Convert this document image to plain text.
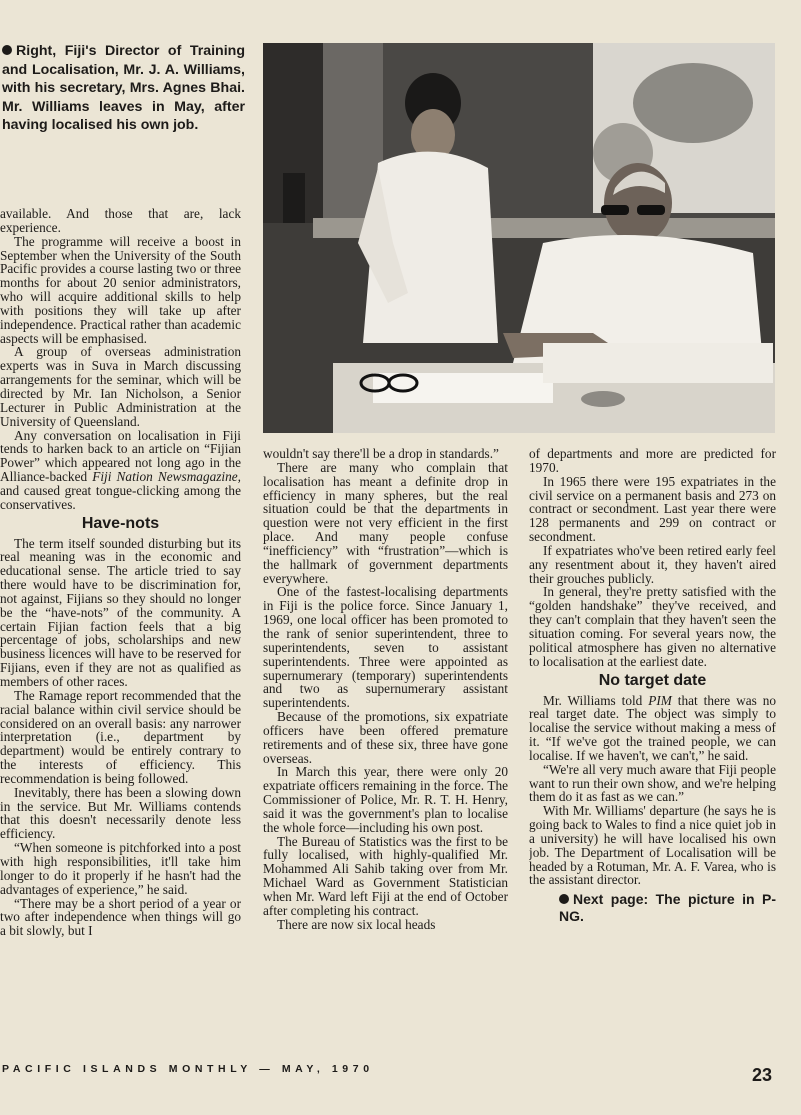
Right, Fiji's Director of Training and Localisation, Mr. J. A. Williams, with his secretary, Mrs. Agnes Bhai. Mr. Williams leaves in May, after having localised his own job.

available. And those that are, lack experience.

The programme will receive a boost in September when the University of the South Pacific provides a course lasting two or three months for about 20 senior administrators, who will acquire additional skills to help with positions they will take up after independence. Practical rather than academic aspects will be emphasised.

A group of overseas administration experts was in Suva in March discussing arrangements for the seminar, which will be directed by Mr. Ian Nicholson, a Senior Lecturer in Public Administration at the University of Queensland.

Any conversation on localisation in Fiji tends to harken back to an article on “Fijian Power” which appeared not long ago in the Alliance-backed Fiji Nation Newsmagazine, and caused great tongue-clicking among the conservatives.

Have-nots

The term itself sounded disturbing but its real meaning was in the economic and educational sense. The article tried to say there would have to be discrimination for, not against, Fijians so they should no longer be the “have-nots” of the community. A certain Fijian faction feels that a big percentage of jobs, scholarships and new business licences will have to be reserved for Fijians, even if they are not as qualified as members of other races.

The Ramage report recommended that the racial balance within civil service should be considered on an overall basis: any narrower interpretation (i.e., department by department) would be entirely contrary to the interests of efficiency. This recommendation is being followed.

Inevitably, there has been a slowing down in the service. But Mr. Williams contends that this doesn't necessarily denote less efficiency.

“When someone is pitchforked into a post with high responsibilities, it'll take him longer to do it properly if he hasn't had the advantages of experience,” he said.

“There may be a short period of a year or two after independence when things will go a bit slowly, but I

wouldn't say there'll be a drop in standards.”

There are many who complain that localisation has meant a definite drop in efficiency in many spheres, but the real situation could be that the departments in question were not very efficient in the first place. And many people confuse “inefficiency” with “frustration”—which is the hallmark of government departments everywhere.

One of the fastest-localising departments in Fiji is the police force. Since January 1, 1969, one local officer has been promoted to the rank of senior superintendent, three to superintendents, seven to assistant superintendents. Three were appointed as supernumerary (temporary) superintendents and two as supernumerary assistant superintendents.

Because of the promotions, six expatriate officers have been offered premature retirements and of these six, three have gone overseas.

In March this year, there were only 20 expatriate officers remaining in the force. The Commissioner of Police, Mr. R. T. H. Henry, said it was the government's plan to localise the whole force—including his own post.

The Bureau of Statistics was the first to be fully localised, with highly-qualified Mr. Mohammed Ali Sahib taking over from Mr. Michael Ward as Government Statistician when Mr. Ward left Fiji at the end of October after completing his contract.

There are now six local heads

of departments and more are predicted for 1970.

In 1965 there were 195 expatriates in the civil service on a permanent basis and 273 on contract or secondment. Last year there were 128 permanents and 299 on contract or secondment.

If expatriates who've been retired early feel any resentment about it, they haven't aired their grouches publicly.

In general, they're pretty satisfied with the “golden handshake” they've received, and they can't complain that they haven't seen the situation coming. For several years now, the political atmosphere has given no alternative to localisation at the earliest date.

No target date

Mr. Williams told PIM that there was no real target date. The object was simply to localise the service without making a mess of it. “If we've got the trained people, we can localise. If we haven't, we can't,” he said.

“We're all very much aware that Fiji people want to run their own show, and we're helping them do it as fast as we can.”

With Mr. Williams' departure (he says he is going back to Wales to find a nice quiet job in a university) he will have localised his own job. The Department of Localisation will be headed by a Rotuman, Mr. A. F. Varea, who is the assistant director.

Next page: The picture in P-NG.
PACIFIC ISLANDS MONTHLY — MAY, 1970	23
